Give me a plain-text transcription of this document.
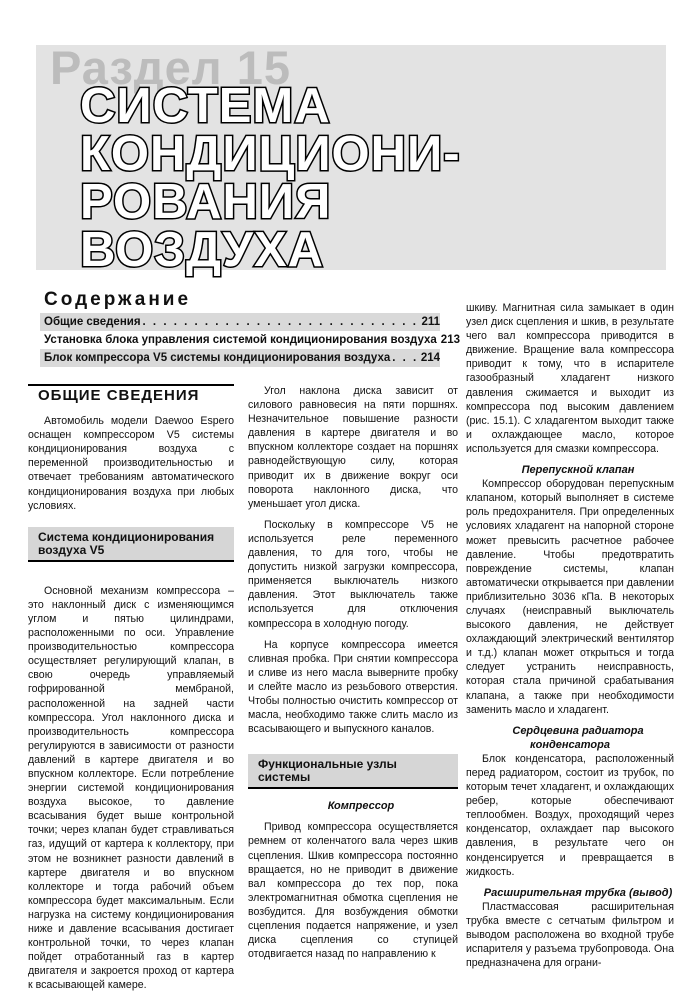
Раздел 15
СИСТЕМА
КОНДИЦИОНИ-
РОВАНИЯ
ВОЗДУХА
Содержание
Общие сведения . . .	211
Установка блока управления системой кондиционирования воздуха 213
Блок компрессора V5 системы кондиционирования воздуха . . .	214
ОБЩИЕ СВЕДЕНИЯ

Автомобиль модели Daewoo Espero оснащен компрессором V5 системы кондиционирования воздуха с переменной производительностью и отвечает требованиям автоматического кондиционирования воздуха при любых условиях.

Система кондиционирования
воздуха V5

Основной механизм компрессора – это наклонный диск с изменяющимся углом и пятью цилиндрами, расположенными по оси. Управление производительностью компрессора осуществляет регулирующий клапан, в свою очередь управляемый гофрированной мембраной, расположенной на задней части компрессора. Угол наклонного диска и производительность компрессора регулируются в зависимости от разности давлений в картере двигателя и во впускном коллекторе. Если потребление энергии системой кондиционирования воздуха высокое, то давление всасывания будет выше контрольной точки; через клапан будет стравливаться газ, идущий от картера к коллектору, при этом не возникнет разности давлений в картере двигателя и во впускном коллекторе и тогда рабочий объем компрессора будет максимальным. Если нагрузка на систему кондиционирования ниже и давление всасывания достигает контрольной точки, то через клапан пойдет отработанный газ в картер двигателя и закроется проход от картера к всасывающей камере.

Угол наклона диска зависит от силового равновесия на пяти поршнях. Незначительное повышение разности давления в картере двигателя и во впускном коллекторе создает на поршнях равнодействующую силу, которая приводит их в движение вокруг оси поворота наклонного диска, что уменьшает угол диска.

Поскольку в компрессоре V5 не используется реле переменного давления, то для того, чтобы не допустить низкой загрузки компрессора, применяется выключатель низкого давления. Этот выключатель также используется для отключения компрессора в холодную погоду.

На корпусе компрессора имеется сливная пробка. При снятии компрессора и сливе из него масла выверните пробку и слейте масло из резьбового отверстия. Чтобы полностью очистить компрессор от масла, необходимо также слить масло из всасывающего и выпускного каналов.

Функциональные узлы
системы

Компрессор

Привод компрессора осуществляется ремнем от коленчатого вала через шкив сцепления. Шкив компрессора постоянно вращается, но не приводит в движение вал компрессора до тех пор, пока электромагнитная обмотка сцепления не возбудится. Для возбуждения обмотки сцепления подается напряжение, и узел диска сцепления со ступицей отодвигается назад по направлению к

шкиву. Магнитная сила замыкает в один узел диск сцепления и шкив, в результате чего вал компрессора приводится в движение. Вращение вала компрессора приводит к тому, что в испарителе газообразный хладагент низкого давления сжимается и выходит из компрессора под высоким давлением (рис. 15.1). С хладагентом выходит также и охлаждающее масло, которое используется для смазки компрессора.

Перепускной клапан

Компрессор оборудован перепускным клапаном, который выполняет в системе роль предохранителя. При определенных условиях хладагент на напорной стороне может превысить расчетное рабочее давление. Чтобы предотвратить повреждение системы, клапан автоматически открывается при давлении приблизительно 3036 кПа. В некоторых случаях (неисправный выключатель высокого давления, не действует охлаждающий электрический вентилятор и т.д.) клапан может открыться и тогда следует устранить неисправность, которая стала причиной срабатывания клапана, а также при необходимости заменить масло и хладагент.

Сердцевина радиатора конденсатора

Блок конденсатора, расположенный перед радиатором, состоит из трубок, по которым течет хладагент, и охлаждающих ребер, которые обеспечивают теплообмен. Воздух, проходящий через конденсатор, охлаждает пар высокого давления, в результате чего он конденсируется и превращается в жидкость.

Расширительная трубка (вывод)

Пластмассовая расширительная трубка вместе с сетчатым фильтром и выводом расположена во входной трубе испарителя у разъема трубопровода. Она предназначена для ограни-
